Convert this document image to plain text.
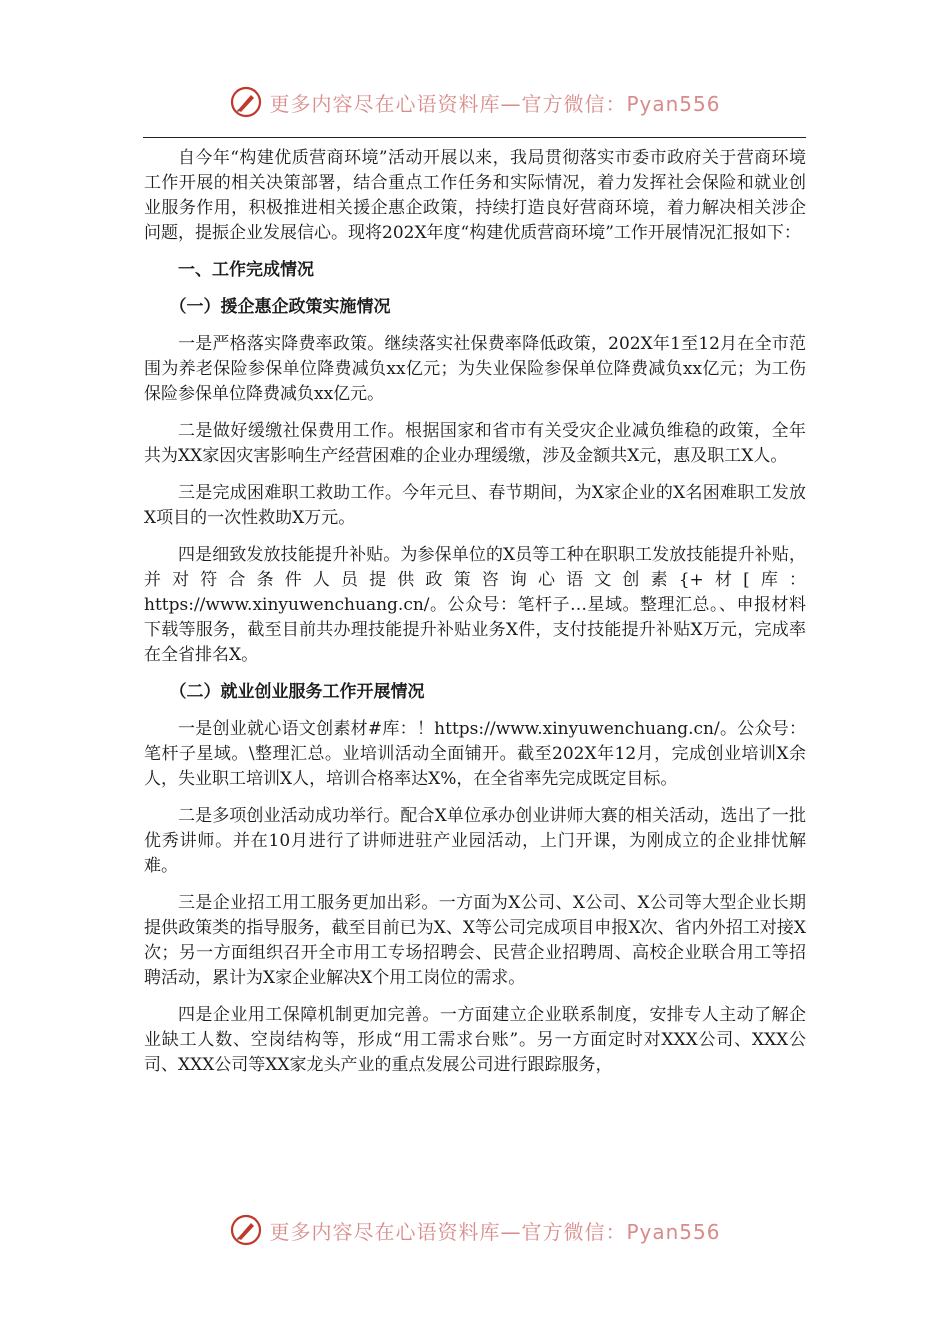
更多内容尽在心语资料库—官方微信：Pyan556

自今年“构建优质营商环境”活动开展以来，我局贯彻落实市委市政府关于营商环境工作开展的相关决策部署，结合重点工作任务和实际情况，着力发挥社会保险和就业创业服务作用，积极推进相关援企惠企政策，持续打造良好营商环境，着力解决相关涉企问题，提振企业发展信心。现将202X年度“构建优质营商环境”工作开展情况汇报如下：

一、工作完成情况
（一）援企惠企政策实施情况

一是严格落实降费率政策。继续落实社保费率降低政策，202X年1至12月在全市范围为养老保险参保单位降费减负xx亿元；为失业保险参保单位降费减负xx亿元；为工伤保险参保单位降费减负xx亿元。

二是做好缓缴社保费用工作。根据国家和省市有关受灾企业减负维稳的政策，全年共为XX家因灾害影响生产经营困难的企业办理缓缴，涉及金额共X元，惠及职工X人。

三是完成困难职工救助工作。今年元旦、春节期间，为X家企业的X名困难职工发放X项目的一次性救助X万元。

四是细致发放技能提升补贴。为参保单位的X员等工种在职职工发放技能提升补贴，并对符合条件人员提供政策咨询心语文创素{+材[库：https://www.xinyuwenchuang.cn/。公众号：笔杆子…星域。整理汇总。、申报材料下载等服务，截至目前共办理技能提升补贴业务X件，支付技能提升补贴X万元，完成率在全省排名X。

（二）就业创业服务工作开展情况

一是创业就心语文创素材#库：！https://www.xinyuwenchuang.cn/。公众号：笔杆子星域。\整理汇总。业培训活动全面铺开。截至202X年12月，完成创业培训X余人，失业职工培训X人，培训合格率达X%，在全省率先完成既定目标。

二是多项创业活动成功举行。配合X单位承办创业讲师大赛的相关活动，选出了一批优秀讲师。并在10月进行了讲师进驻产业园活动，上门开课，为刚成立的企业排忧解难。

三是企业招工用工服务更加出彩。一方面为X公司、X公司、X公司等大型企业长期提供政策类的指导服务，截至目前已为X、X等公司完成项目申报X次、省内外招工对接X次；另一方面组织召开全市用工专场招聘会、民营企业招聘周、高校企业联合用工等招聘活动，累计为X家企业解决X个用工岗位的需求。

四是企业用工保障机制更加完善。一方面建立企业联系制度，安排专人主动了解企业缺工人数、空岗结构等，形成“用工需求台账”。另一方面定时对XXX公司、XXX公司、XXX公司等XX家龙头产业的重点发展公司进行跟踪服务，

更多内容尽在心语资料库—官方微信：Pyan556
